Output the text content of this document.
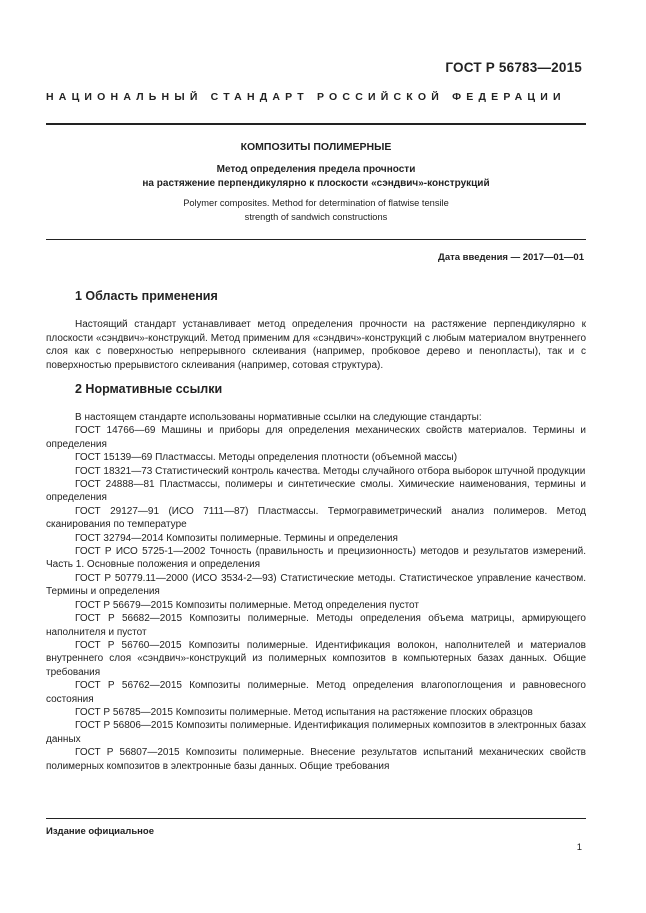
ГОСТ Р 56783—2015
НАЦИОНАЛЬНЫЙ СТАНДАРТ РОССИЙСКОЙ ФЕДЕРАЦИИ
КОМПОЗИТЫ ПОЛИМЕРНЫЕ
Метод определения предела прочности
на растяжение перпендикулярно к плоскости «сэндвич»-конструкций
Polymer composites. Method for determination of flatwise tensile
strength of sandwich constructions
Дата введения — 2017—01—01
1 Область применения

Настоящий стандарт устанавливает метод определения прочности на растяжение перпендикулярно к плоскости «сэндвич»-конструкций. Метод применим для «сэндвич»-конструкций с любым материалом внутреннего слоя как с поверхностью непрерывного склеивания (например, пробковое дерево и пенопласты), так и с поверхностью прерывистого склеивания (например, сотовая структура).

2 Нормативные ссылки

В настоящем стандарте использованы нормативные ссылки на следующие стандарты:

ГОСТ 14766—69 Машины и приборы для определения механических свойств материалов. Термины и определения

ГОСТ 15139—69 Пластмассы. Методы определения плотности (объемной массы)

ГОСТ 18321—73 Статистический контроль качества. Методы случайного отбора выборок штучной продукции

ГОСТ 24888—81 Пластмассы, полимеры и синтетические смолы. Химические наименования, термины и определения

ГОСТ 29127—91 (ИСО 7111—87) Пластмассы. Термогравиметрический анализ полимеров. Метод сканирования по температуре

ГОСТ 32794—2014 Композиты полимерные. Термины и определения

ГОСТ Р ИСО 5725-1—2002 Точность (правильность и прецизионность) методов и результатов измерений. Часть 1. Основные положения и определения

ГОСТ Р 50779.11—2000 (ИСО 3534-2—93) Статистические методы. Статистическое управление качеством. Термины и определения

ГОСТ Р 56679—2015 Композиты полимерные. Метод определения пустот

ГОСТ Р 56682—2015 Композиты полимерные. Методы определения объема матрицы, армирующего наполнителя и пустот

ГОСТ Р 56760—2015 Композиты полимерные. Идентификация волокон, наполнителей и материалов внутреннего слоя «сэндвич»-конструкций из полимерных композитов в компьютерных базах данных. Общие требования

ГОСТ Р 56762—2015 Композиты полимерные. Метод определения влагопоглощения и равновесного состояния

ГОСТ Р 56785—2015 Композиты полимерные. Метод испытания на растяжение плоских образцов

ГОСТ Р 56806—2015 Композиты полимерные. Идентификация полимерных композитов в электронных базах данных

ГОСТ Р 56807—2015 Композиты полимерные. Внесение результатов испытаний механических свойств полимерных композитов в электронные базы данных. Общие требования

Издание официальное
1
